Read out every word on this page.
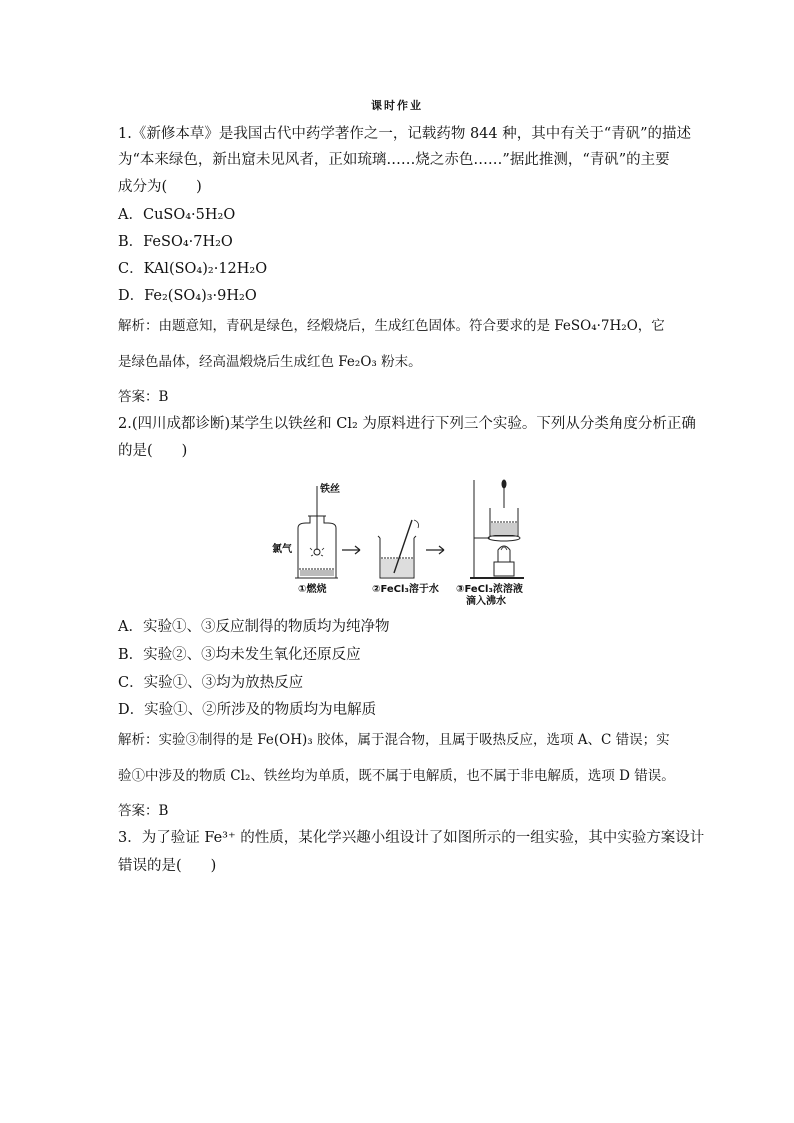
课时作业
1.《新修本草》是我国古代中药学著作之一，记载药物 844 种，其中有关于“青矾”的描述
为“本来绿色，新出窟未见风者，正如琉璃……烧之赤色……”据此推测，“青矾”的主要
成分为(　　)
A．CuSO₄·5H₂O
B．FeSO₄·7H₂O
C．KAl(SO₄)₂·12H₂O
D．Fe₂(SO₄)₃·9H₂O
解析：由题意知，青矾是绿色，经煅烧后，生成红色固体。符合要求的是 FeSO₄·7H₂O，它
是绿色晶体，经高温煅烧后生成红色 Fe₂O₃ 粉末。
答案：B
2.(四川成都诊断)某学生以铁丝和 Cl₂ 为原料进行下列三个实验。下列从分类角度分析正确
的是(　　)
铁丝
氯气
①燃烧	②FeCl₃溶于水 ③FeCl₃浓溶液
滴入沸水
A．实验①、③反应制得的物质均为纯净物
B．实验②、③均未发生氧化还原反应
C．实验①、③均为放热反应
D．实验①、②所涉及的物质均为电解质
解析：实验③制得的是 Fe(OH)₃ 胶体，属于混合物，且属于吸热反应，选项 A、C 错误；实
验①中涉及的物质 Cl₂、铁丝均为单质，既不属于电解质，也不属于非电解质，选项 D 错误。
答案：B
3．为了验证 Fe³⁺ 的性质，某化学兴趣小组设计了如图所示的一组实验，其中实验方案设计
错误的是(　　)
